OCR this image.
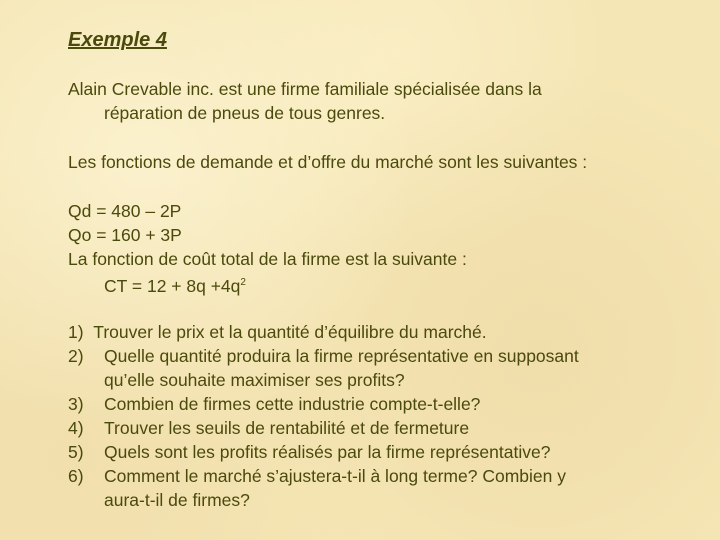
Exemple 4
Alain Crevable inc. est une firme familiale spécialisée dans la
réparation de pneus de tous genres.
Les fonctions de demande et d’offre du marché sont les suivantes :
Qd = 480 – 2P
Qo = 160 + 3P
La fonction de coût total de la firme est la suivante :
CT = $12 + 8q +4q^2$
1) Trouver le prix et la quantité d’équilibre du marché.
2) Quelle quantité produira la firme représentative en supposant
qu’elle souhaite maximiser ses profits?
3) Combien de firmes cette industrie compte-t-elle?
4) Trouver les seuils de rentabilité et de fermeture
5) Quels sont les profits réalisés par la firme représentative?
6) Comment le marché s’ajustera-t-il à long terme? Combien y
aura-t-il de firmes?
